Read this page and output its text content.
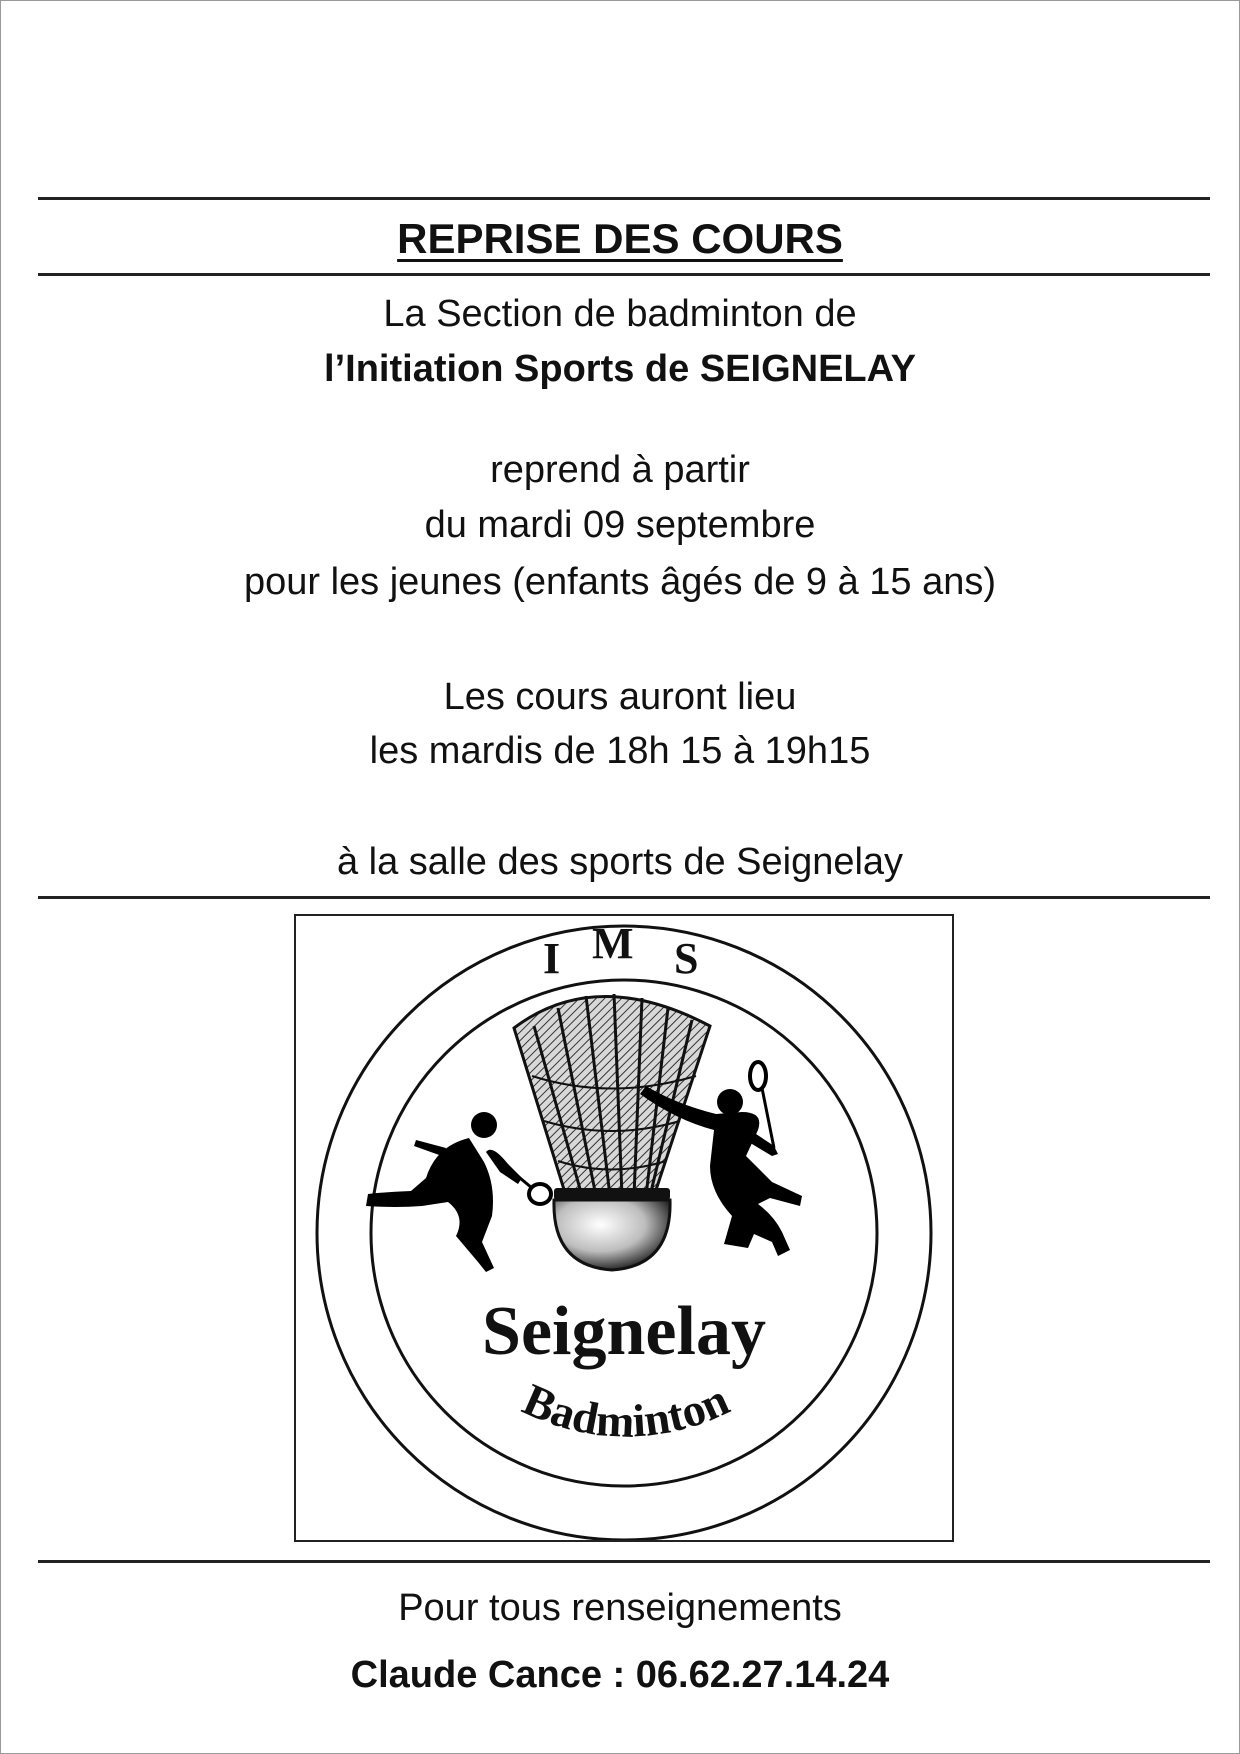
REPRISE DES COURS
La Section de badminton de
l’Initiation Sports de SEIGNELAY
reprend à partir
du mardi 09 septembre
pour les jeunes (enfants âgés de 9 à 15 ans)
Les cours auront lieu
les mardis de 18h 15 à 19h15
à la salle des sports de Seignelay
I M S
Seignelay
Badminton
Pour tous renseignements
Claude Cance : 06.62.27.14.24
